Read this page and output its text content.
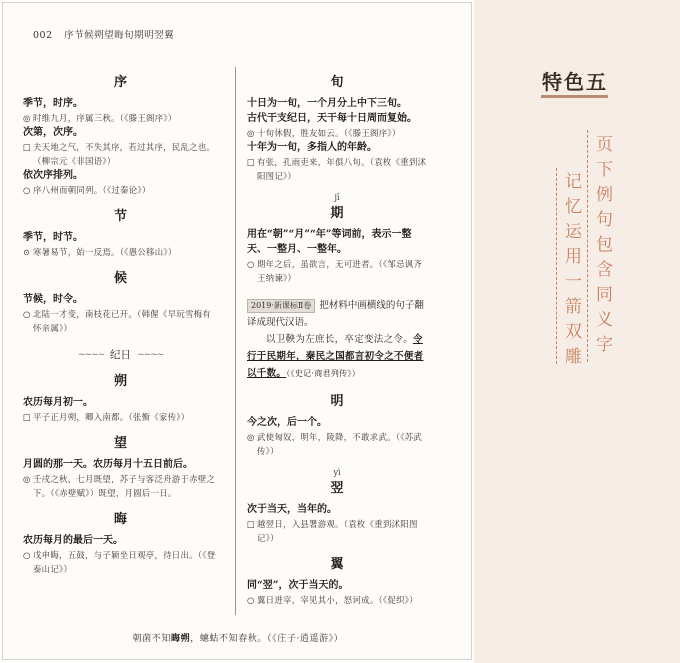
002 序节候朔望晦旬期明翌翼
序
季节，时序。
◎ 时维九月，序属三秋。（《滕王阁序》）
次第，次序。
□ 夫天地之气，不失其序，若过其序，民乱之也。（柳宗元《非国语》）
依次序排列。
○ 序八州而朝同列。（《过秦论》）
节
季节，时节。
⊙ 寒暑易节，始一反焉。（《愚公移山》）
候
节候，时令。
○ 北陆一才变，南枝花已开。（韩偓《早玩雪梅有怀亲属》）
~~~~ 纪日 ~~~~
朔
农历每月初一。
□ 平子正月朔，卿入南都。（张衡《家传》）
望
月圆的那一天。农历每月十五日前后。
◎ 壬戌之秋，七月既望，苏子与客泛舟游于赤壁之下。（《赤壁赋》）既望，月圆后一日。
晦
农历每月的最后一天。
○ 戊申晦，五鼓，与子颖坐日观亭，待日出。（《登泰山记》）
旬
十日为一旬，一个月分上中下三旬。
古代干支纪日，天干每十日周而复始。
◎ 十旬休假，胜友如云。（《滕王阁序》）
十年为一旬，多指人的年龄。
□ 有张，孔雨吏来，年俱八旬。（袁枚《重到沭阳图记》）
jī
期
用在“朝”“月”“年”等词前，表示一整天、一整月、一整年。
○ 期年之后，虽欲言，无可进者。（《邹忌讽齐王纳谏》）
2019·新课标Ⅱ卷 把材料中画横线的句子翻译成现代汉语。
以卫鞅为左庶长，卒定变法之令。令行于民期年，秦民之国都言初令之不便者以千数。（《史记·商君列传》）
明
今之次，后一个。
◎ 武使匈奴，明年，陵降，不敢求武。（《苏武传》）
yì
翌
次于当天，当年的。
□ 越翌日，入县署游观。（袁枚《重到沭阳图记》）
翼
同“翌”，次于当天的。
○ 翼日进宰，宰见其小，怒诃成。（《促织》）
朝菌不知晦朔，蟪蛄不知春秋。（《庄子·逍遥游》）
特色五
页下例句包含同义字
记忆运用一箭双雕
